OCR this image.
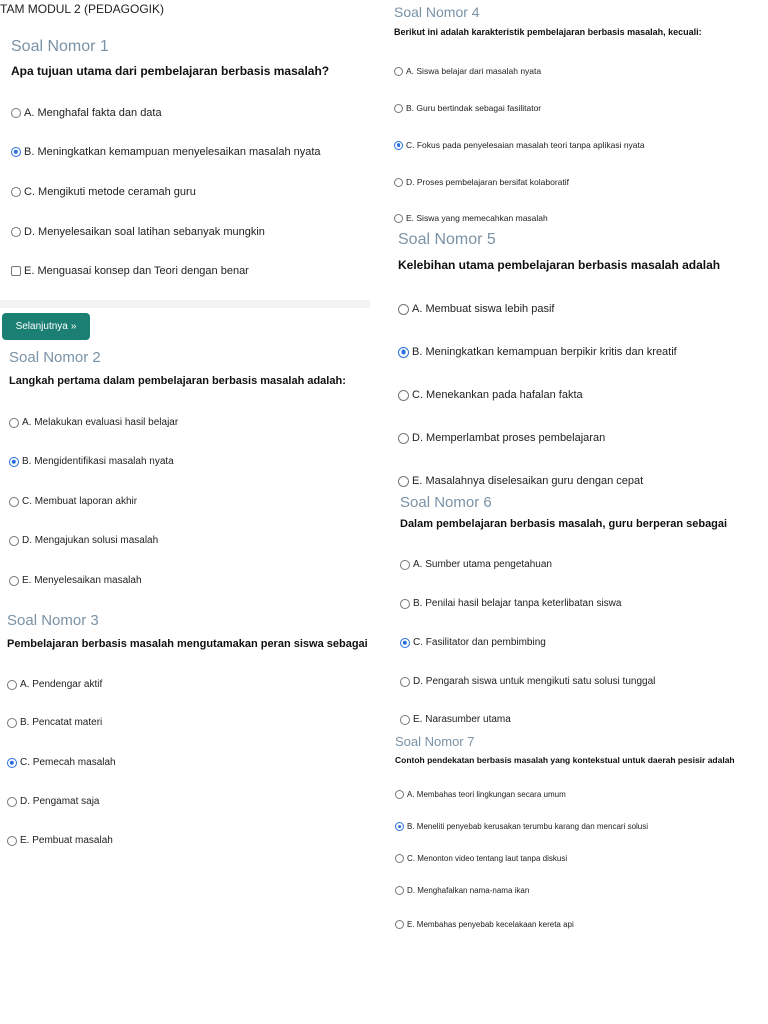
TAM MODUL 2 (PEDAGOGIK)
Soal Nomor 1
Apa tujuan utama dari pembelajaran berbasis masalah?
A. Menghafal fakta dan data
B. Meningkatkan kemampuan menyelesaikan masalah nyata
C. Mengikuti metode ceramah guru
D. Menyelesaikan soal latihan sebanyak mungkin
E. Menguasai konsep dan Teori dengan benar
Selanjutnya »
Soal Nomor 2
Langkah pertama dalam pembelajaran berbasis masalah adalah:
A. Melakukan evaluasi hasil belajar
B. Mengidentifikasi masalah nyata
C. Membuat laporan akhir
D. Mengajukan solusi masalah
E. Menyelesaikan masalah
Soal Nomor 3
Pembelajaran berbasis masalah mengutamakan peran siswa sebagai
A. Pendengar aktif
B. Pencatat materi
C. Pemecah masalah
D. Pengamat saja
E. Pembuat masalah
Soal Nomor 4
Berikut ini adalah karakteristik pembelajaran berbasis masalah, kecuali:
A. Siswa belajar dari masalah nyata
B. Guru bertindak sebagai fasilitator
C. Fokus pada penyelesaian masalah teori tanpa aplikasi nyata
D. Proses pembelajaran bersifat kolaboratif
E. Siswa yang memecahkan masalah
Soal Nomor 5
Kelebihan utama pembelajaran berbasis masalah adalah
A. Membuat siswa lebih pasif
B. Meningkatkan kemampuan berpikir kritis dan kreatif
C. Menekankan pada hafalan fakta
D. Memperlambat proses pembelajaran
E. Masalahnya diselesaikan guru dengan cepat
Soal Nomor 6
Dalam pembelajaran berbasis masalah, guru berperan sebagai
A. Sumber utama pengetahuan
B. Penilai hasil belajar tanpa keterlibatan siswa
C. Fasilitator dan pembimbing
D. Pengarah siswa untuk mengikuti satu solusi tunggal
E. Narasumber utama
Soal Nomor 7
Contoh pendekatan berbasis masalah yang kontekstual untuk daerah pesisir adalah
A. Membahas teori lingkungan secara umum
B. Meneliti penyebab kerusakan terumbu karang dan mencari solusi
C. Menonton video tentang laut tanpa diskusi
D. Menghafalkan nama-nama ikan
E. Membahas penyebab kecelakaan kereta api
